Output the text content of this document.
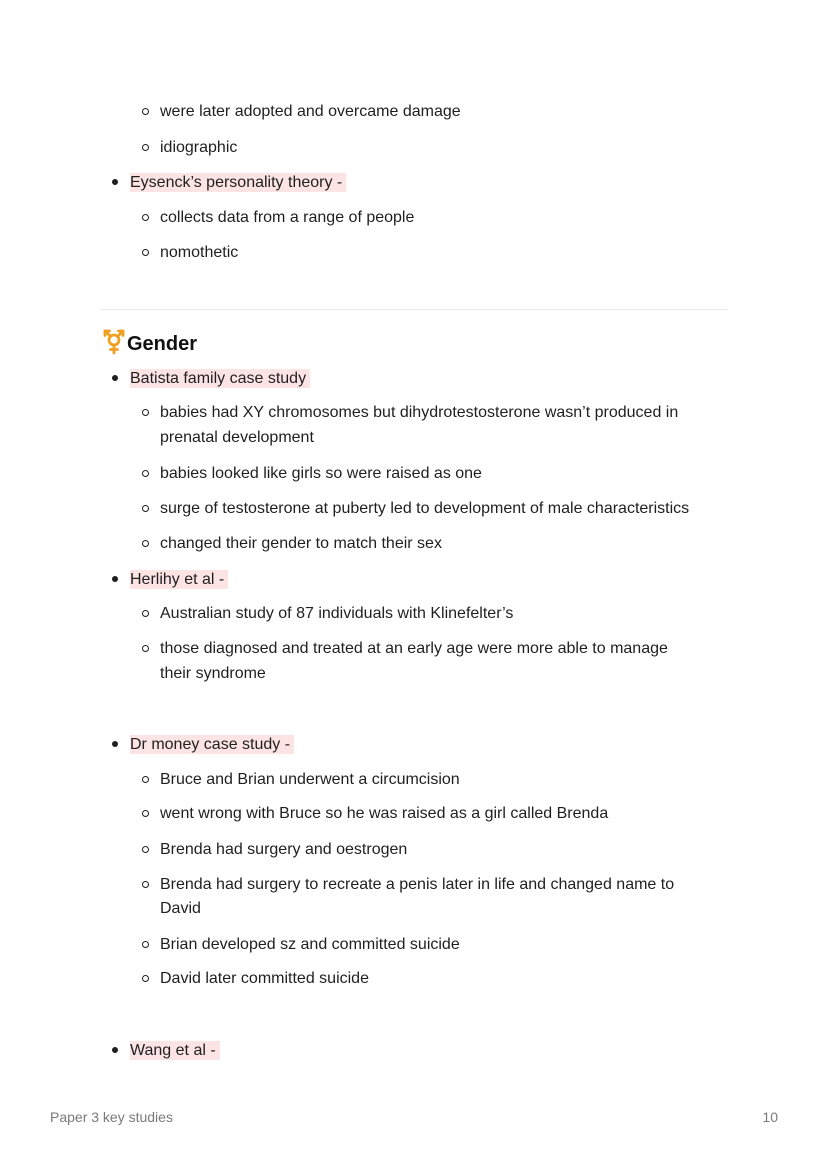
were later adopted and overcame damage
idiographic
Eysenck’s personality theory -
collects data from a range of people
nomothetic
Gender
Batista family case study
babies had XY chromosomes but dihydrotestosterone wasn’t produced in
prenatal development
babies looked like girls so were raised as one
surge of testosterone at puberty led to development of male characteristics
changed their gender to match their sex
Herlihy et al -
Australian study of 87 individuals with Klinefelter’s
those diagnosed and treated at an early age were more able to manage
their syndrome
Dr money case study -
Bruce and Brian underwent a circumcision
went wrong with Bruce so he was raised as a girl called Brenda
Brenda had surgery and oestrogen
Brenda had surgery to recreate a penis later in life and changed name to
David
Brian developed sz and committed suicide
David later committed suicide
Wang et al -
Paper 3 key studies	10
